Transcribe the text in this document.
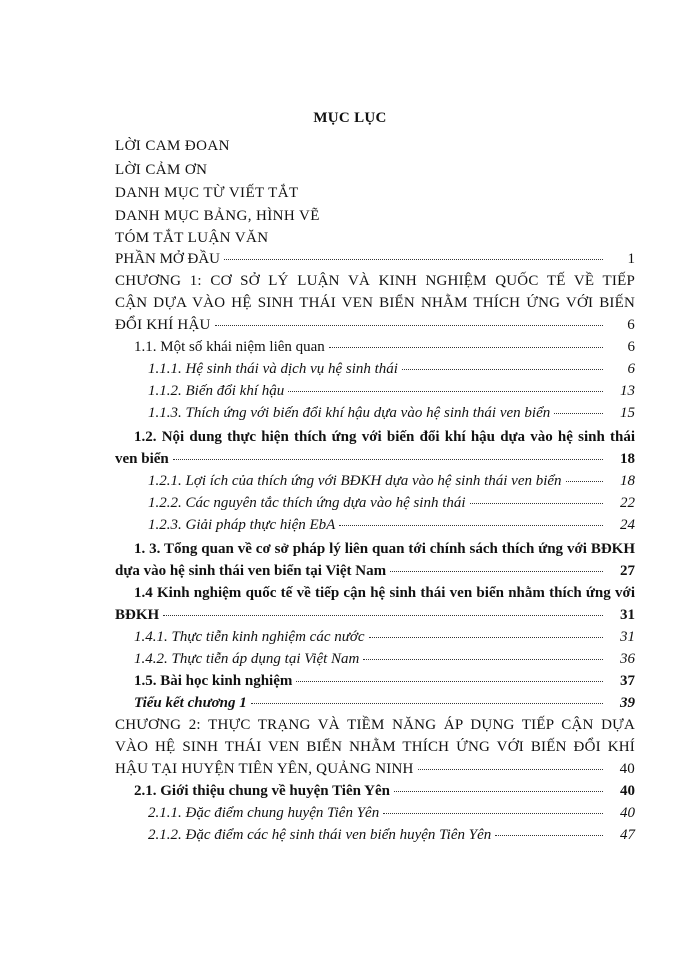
MỤC LỤC
LỜI CAM ĐOAN
LỜI CẢM ƠN
DANH MỤC TỪ VIẾT TẮT
DANH MỤC BẢNG, HÌNH VẼ
TÓM TẮT LUẬN VĂN
PHẦN MỞ ĐẦU	1
CHƯƠNG 1: CƠ SỞ LÝ LUẬN VÀ KINH NGHIỆM QUỐC TẾ VỀ TIẾP
CẬN DỰA VÀO HỆ SINH THÁI VEN BIỂN NHẰM THÍCH ỨNG VỚI BIẾN
ĐỔI KHÍ HẬU	6
1.1. Một số khái niệm liên quan	6
1.1.1. Hệ sinh thái và dịch vụ hệ sinh thái	6
1.1.2. Biến đổi khí hậu	13
1.1.3. Thích ứng với biến đổi khí hậu dựa vào hệ sinh thái ven biển	15
1.2. Nội dung thực hiện thích ứng với biến đổi khí hậu dựa vào hệ sinh thái
ven biển	18
1.2.1. Lợi ích của thích ứng với BĐKH dựa vào hệ sinh thái ven biển	18
1.2.2. Các nguyên tắc thích ứng dựa vào hệ sinh thái	22
1.2.3. Giải pháp thực hiện EbA	24
1. 3. Tổng quan về cơ sở pháp lý liên quan tới chính sách thích ứng với BĐKH
dựa vào hệ sinh thái ven biển tại Việt Nam	27
1.4 Kinh nghiệm quốc tế về tiếp cận hệ sinh thái ven biển nhằm thích ứng với
BĐKH	31
1.4.1. Thực tiễn kinh nghiệm các nước	31
1.4.2. Thực tiễn áp dụng tại Việt Nam	36
1.5. Bài học kinh nghiệm	37
Tiểu kết chương 1	39
CHƯƠNG 2: THỰC TRẠNG VÀ TIỀM NĂNG ÁP DỤNG TIẾP CẬN DỰA
VÀO HỆ SINH THÁI VEN BIỂN NHẰM THÍCH ỨNG VỚI BIẾN ĐỔI KHÍ
HẬU TẠI HUYỆN TIÊN YÊN, QUẢNG NINH	40
2.1. Giới thiệu chung về huyện Tiên Yên	40
2.1.1. Đặc điểm chung huyện Tiên Yên	40
2.1.2. Đặc điểm các hệ sinh thái ven biển huyện Tiên Yên	47
